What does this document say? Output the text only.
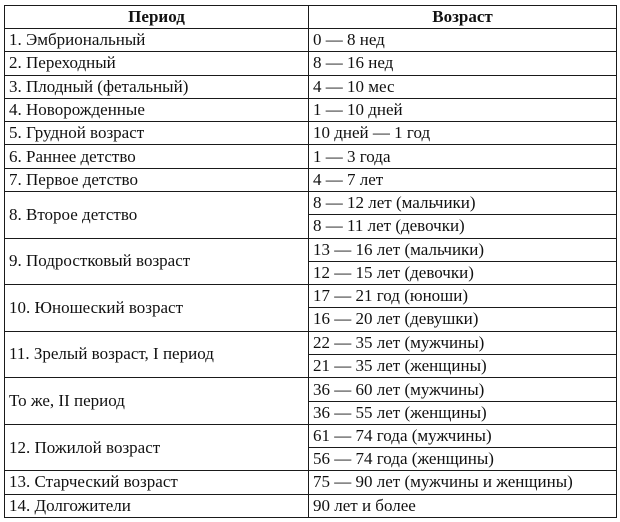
Период	Возраст
1. Эмбриональный	0 — 8 нед
2. Переходный	8 — 16 нед
3. Плодный (фетальный)	4 — 10 мес
4. Новорожденные	1 — 10 дней
5. Грудной возраст	10 дней — 1 год
6. Раннее детство	1 — 3 года
7. Первое детство	4 — 7 лет
8. Второе детство	8 — 12 лет (мальчики)
8 — 11 лет (девочки)

9. Подростковый возраст	13 — 16 лет (мальчики)
12 — 15 лет (девочки)

10. Юношеский возраст	17 — 21 год (юноши)
16 — 20 лет (девушки)

11. Зрелый возраст, I период	22 — 35 лет (мужчины)
21 — 35 лет (женщины)

То же, II период	36 — 60 лет (мужчины)
36 — 55 лет (женщины)

12. Пожилой возраст	61 — 74 года (мужчины)
56 — 74 года (женщины)

13. Старческий возраст	75 — 90 лет (мужчины и женщины)
14. Долгожители	90 лет и более
